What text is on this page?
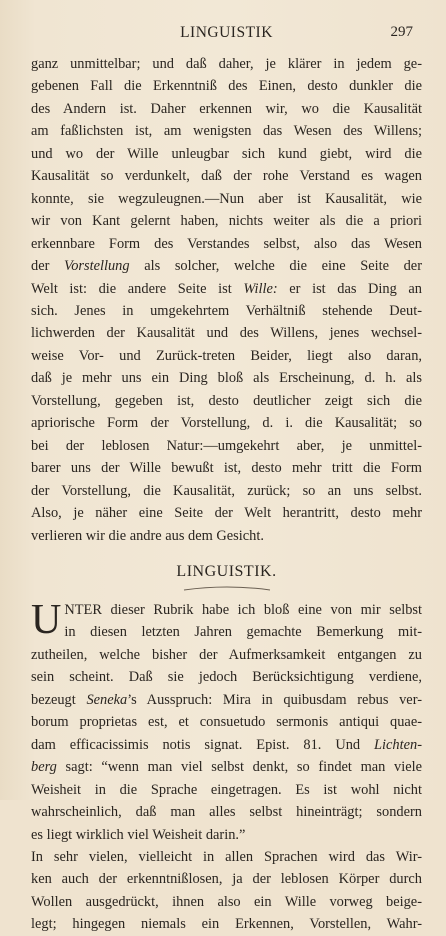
LINGUISTIK	297
ganz unmittelbar; und daß daher, je klärer in jedem ge-
gebenen Fall die Erkenntniß des Einen, desto dunkler die
des Andern ist. Daher erkennen wir, wo die Kausalität
am faßlichsten ist, am wenigsten das Wesen des Willens;
und wo der Wille unleugbar sich kund giebt, wird die
Kausalität so verdunkelt, daß der rohe Verstand es wagen
konnte, sie wegzuleugnen.—Nun aber ist Kausalität, wie
wir von Kant gelernt haben, nichts weiter als die a priori
erkennbare Form des Verstandes selbst, also das Wesen
der Vorstellung als solcher, welche die eine Seite der
Welt ist: die andere Seite ist Wille: er ist das Ding an
sich. Jenes in umgekehrtem Verhältniß stehende Deut-
lichwerden der Kausalität und des Willens, jenes wechsel-
weise Vor- und Zurück-treten Beider, liegt also daran,
daß je mehr uns ein Ding bloß als Erscheinung, d. h. als
Vorstellung, gegeben ist, desto deutlicher zeigt sich die
apriorische Form der Vorstellung, d. i. die Kausalität; so
bei der leblosen Natur:—umgekehrt aber, je unmittel-
barer uns der Wille bewußt ist, desto mehr tritt die Form
der Vorstellung, die Kausalität, zurück; so an uns selbst.
Also, je näher eine Seite der Welt herantritt, desto mehr
verlieren wir die andre aus dem Gesicht.
LINGUISTIK.
U NTER dieser Rubrik habe ich bloß eine von mir selbst
in diesen letzten Jahren gemachte Bemerkung mit-
zutheilen, welche bisher der Aufmerksamkeit entgangen zu
sein scheint. Daß sie jedoch Berücksichtigung verdiene,
bezeugt Seneka’s Ausspruch: Mira in quibusdam rebus ver-
borum proprietas est, et consuetudo sermonis antiqui quae-
dam efficacissimis notis signat. Epist. 81. Und Lichten-
berg sagt: “wenn man viel selbst denkt, so findet man viele
Weisheit in die Sprache eingetragen. Es ist wohl nicht
wahrscheinlich, daß man alles selbst hineinträgt; sondern
es liegt wirklich viel Weisheit darin.”
In sehr vielen, vielleicht in allen Sprachen wird das Wir-
ken auch der erkenntnißlosen, ja der leblosen Körper durch
Wollen ausgedrückt, ihnen also ein Wille vorweg beige-
legt; hingegen niemals ein Erkennen, Vorstellen, Wahr-
